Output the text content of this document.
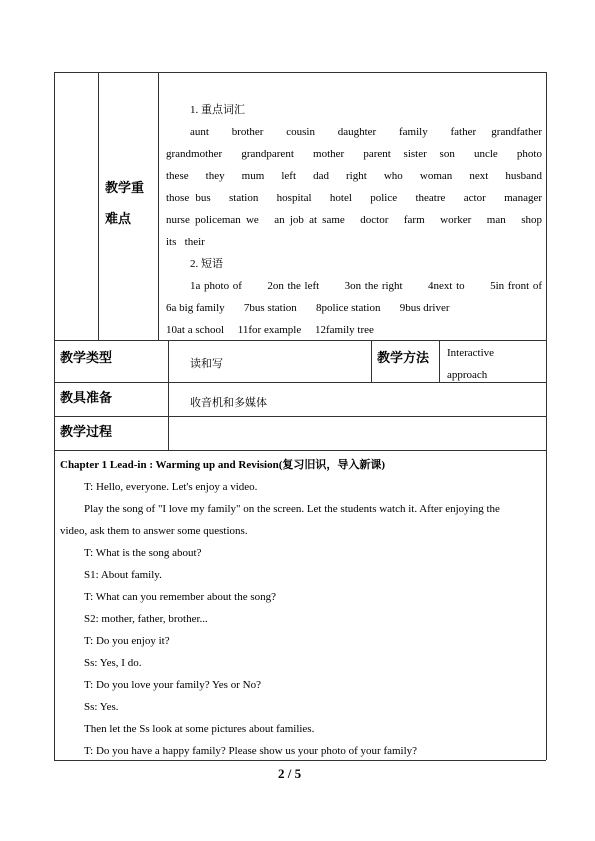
教学重
难点
1. 重点词汇
aunt   brother   cousin   daughter   family   father  grandfather
grandmother   grandparent   mother   parent  sister  son   uncle   photo
these   they   mum   left   dad   right   who   woman   next   husband
those bus   station   hospital   hotel   police   theatre   actor   manager
nurse policeman we   an job at same   doctor   farm   worker   man   shop
its   their
2. 短语
1a photo of       2on the left       3on the right       4next to       5in front of
6a big family       7bus station       8police station       9bus driver
10at a school     11for example     12family tree
教学类型	读和写	教学方法 Interactive
approach
教具准备	收音机和多媒体
教学过程
Chapter 1 Lead-in : Warming up and Revision(复习旧识，导入新课)
T: Hello, everyone. Let's enjoy a video.
Play the song of "I love my family" on the screen. Let the students watch it. After enjoying the
video, ask them to answer some questions.
T: What is the song about?
S1: About family.
T: What can you remember about the song?
S2: mother, father, brother...
T: Do you enjoy it?
Ss: Yes, I do.
T: Do you love your family? Yes or No?
Ss: Yes.
Then let the Ss look at some pictures about families.
T: Do you have a happy family? Please show us your photo of your family?
2 / 5
